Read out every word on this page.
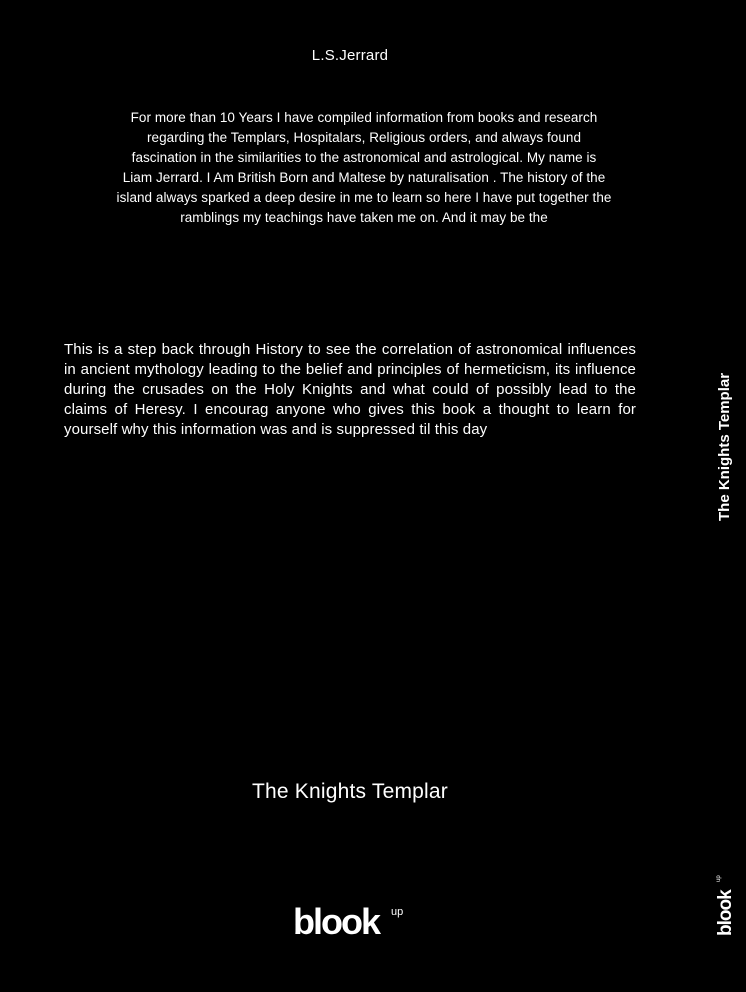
L.S.Jerrard
For more than 10 Years I have compiled information from books and research
regarding the Templars, Hospitalars, Religious orders, and always found
fascination in the similarities to the astronomical and astrological. My name is
Liam Jerrard. I Am British Born and Maltese by naturalisation . The history of the
island always sparked a deep desire in me to learn so here I have put together the
ramblings my teachings have taken me on. And it may be the
This is a step back through History to see the correlation of astronomical influences in ancient mythology leading to the belief and principles of hermeticism, its influence during the crusades on the Holy Knights and what could of possibly lead to the claims of Heresy. I encourag anyone who gives this book a thought to learn for yourself why this information was and is suppressed til this day
The Knights Templar
blook up
The Knights Templar
blook
up
